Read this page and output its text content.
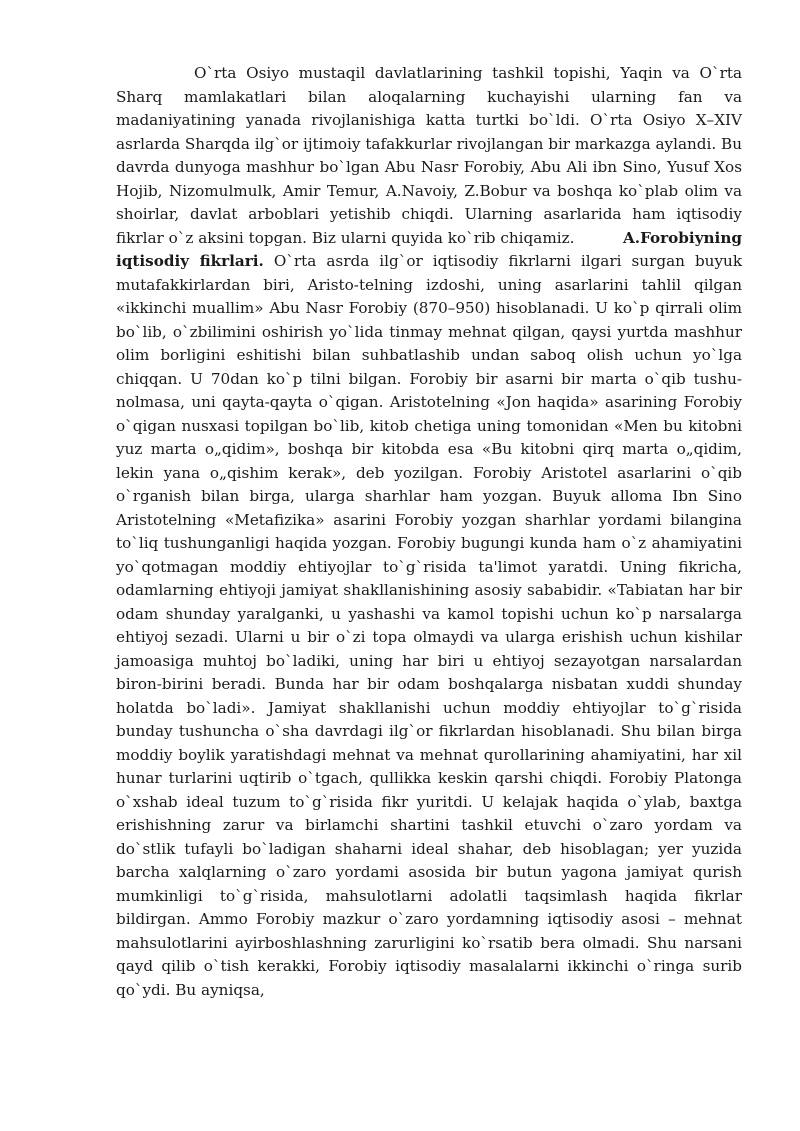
O`rta Osiyo mustaqil davlatlarining tashkil topishi, Yaqin va O`rta Sharq mamlakatlari bilan aloqalarning kuchayishi ularning fan va madaniyatining yanada rivojlanishiga katta turtki bo`ldi. O`rta Osiyo X–XIV asrlarda Sharqda ilg`or ijtimoiy tafakkurlar rivojlangan bir markazga aylandi. Bu davrda dunyoga mashhur bo`lgan Abu Nasr Forobiy, Abu Ali ibn Sino, Yusuf Xos Hojib, Nizomulmulk, Amir Temur, A.Navoiy, Z.Bobur va boshqa ko`plab olim va shoirlar, davlat arboblari yetishib chiqdi. Ularning asarlarida ham iqtisodiy fikrlar o`z aksini topgan. Biz ularni quyida ko`rib chiqamiz.	A.Forobiyning iqtisodiy fikrlari. O`rta asrda ilg`or iqtisodiy fikrlarni ilgari surgan buyuk mutafakkirlardan biri, Aristo-telning izdoshi, uning asarlarini tahlil qilgan «ikkinchi muallim» Abu Nasr Forobiy (870–950) hisoblanadi. U ko`p qirrali olim bo`lib, o`zbilimini oshirish yo`lida tinmay mehnat qilgan, qaysi yurtda mashhur olim borligini eshitishi bilan suhbatlashib undan saboq olish uchun yo`lga chiqqan. U 70dan ko`p tilni bilgan. Forobiy bir asarni bir marta o`qib tushu-nolmasa, uni qayta-qayta o`qigan. Aristotelning «Jon haqida» asarining Forobiy o`qigan nusxasi topilgan bo`lib, kitob chetiga uning tomonidan «Men bu kitobni yuz marta o„qidim», boshqa bir kitobda esa «Bu kitobni qirq marta o„qidim, lekin yana o„qishim kerak», deb yozilgan. Forobiy Aristotel asarlarini o`qib o`rganish bilan birga, ularga sharhlar ham yozgan. Buyuk alloma Ibn Sino Aristotelning «Metafizika» asarini Forobiy yozgan sharhlar yordami bilangina to`liq tushunganligi haqida yozgan. Forobiy bugungi kunda ham o`z ahamiyatini yo`qotmagan moddiy ehtiyojlar to`g`risida ta'limot yaratdi. Uning fikricha, odamlarning ehtiyoji jamiyat shakllanishining asosiy sababidir. «Tabiatan har bir odam shunday yaralganki, u yashashi va kamol topishi uchun ko`p narsalarga ehtiyoj sezadi. Ularni u bir o`zi topa olmaydi va ularga erishish uchun kishilar jamoasiga muhtoj bo`ladiki, uning har biri u ehtiyoj sezayotgan narsalardan biron-birini beradi. Bunda har bir odam boshqalarga nisbatan xuddi shunday holatda bo`ladi». Jamiyat shakllanishi uchun moddiy ehtiyojlar to`g`risida bunday tushuncha o`sha davrdagi ilg`or fikrlardan hisoblanadi. Shu bilan birga moddiy boylik yaratishdagi mehnat va mehnat qurollarining ahamiyatini, har xil hunar turlarini uqtirib o`tgach, qullikka keskin qarshi chiqdi. Forobiy Platonga o`xshab ideal tuzum to`g`risida fikr yuritdi. U kelajak haqida o`ylab, baxtga erishishning zarur va birlamchi shartini tashkil etuvchi o`zaro yordam va do`stlik tufayli bo`ladigan shaharni ideal shahar, deb hisoblagan; yer yuzida barcha xalqlarning o`zaro yordami asosida bir butun yagona jamiyat qurish mumkinligi to`g`risida, mahsulotlarni adolatli taqsimlash haqida fikrlar bildirgan. Ammo Forobiy mazkur o`zaro yordamning iqtisodiy asosi – mehnat mahsulotlarini ayirboshlashning zarurligini ko`rsatib bera olmadi. Shu narsani qayd qilib o`tish kerakki, Forobiy iqtisodiy masalalarni ikkinchi o`ringa surib qo`ydi. Bu ayniqsa,
